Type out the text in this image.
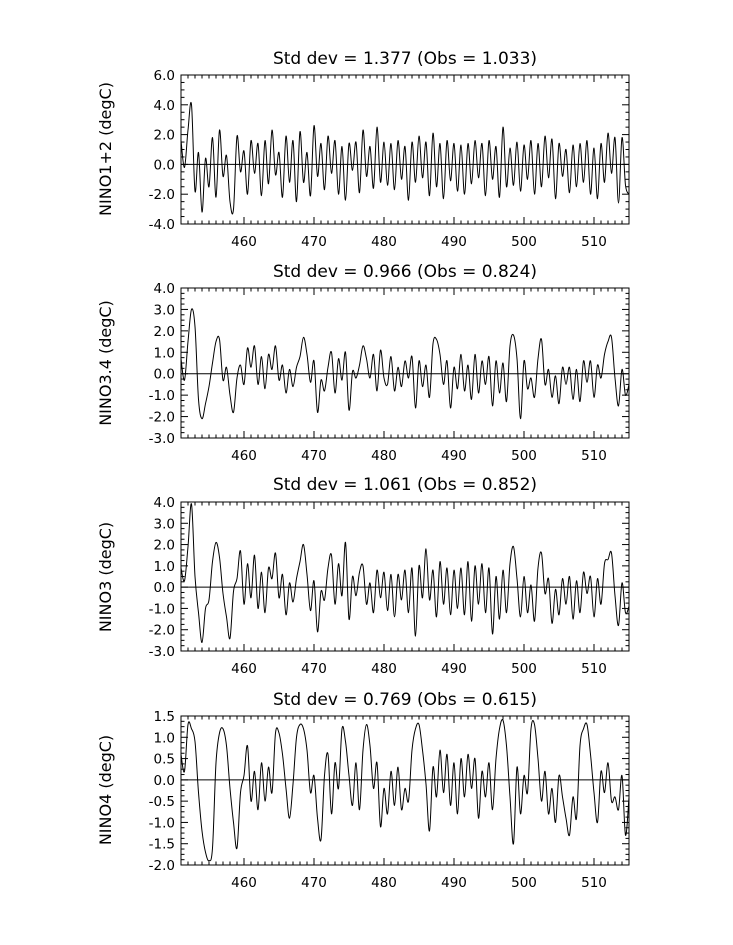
Std dev = 1.377 (Obs = 1.033)
NINO1+2 (degC)
460	470	480	490	500	510
6.0
4.0
2.0
0.0
-2.0
-4.0
Std dev = 0.966 (Obs = 0.824)
NINO3.4 (degC)
460	470	480	490	500	510
4.0
3.0
2.0
1.0
0.0
-1.0
-2.0
-3.0
Std dev = 1.061 (Obs = 0.852)
NINO3 (degC)
460	470	480	490	500	510
4.0
3.0
2.0
1.0
0.0
-1.0
-2.0
-3.0
Std dev = 0.769 (Obs = 0.615)
NINO4 (degC)
460	470	480	490	500	510
1.5
1.0
0.5
0.0
-0.5
-1.0
-1.5
-2.0
